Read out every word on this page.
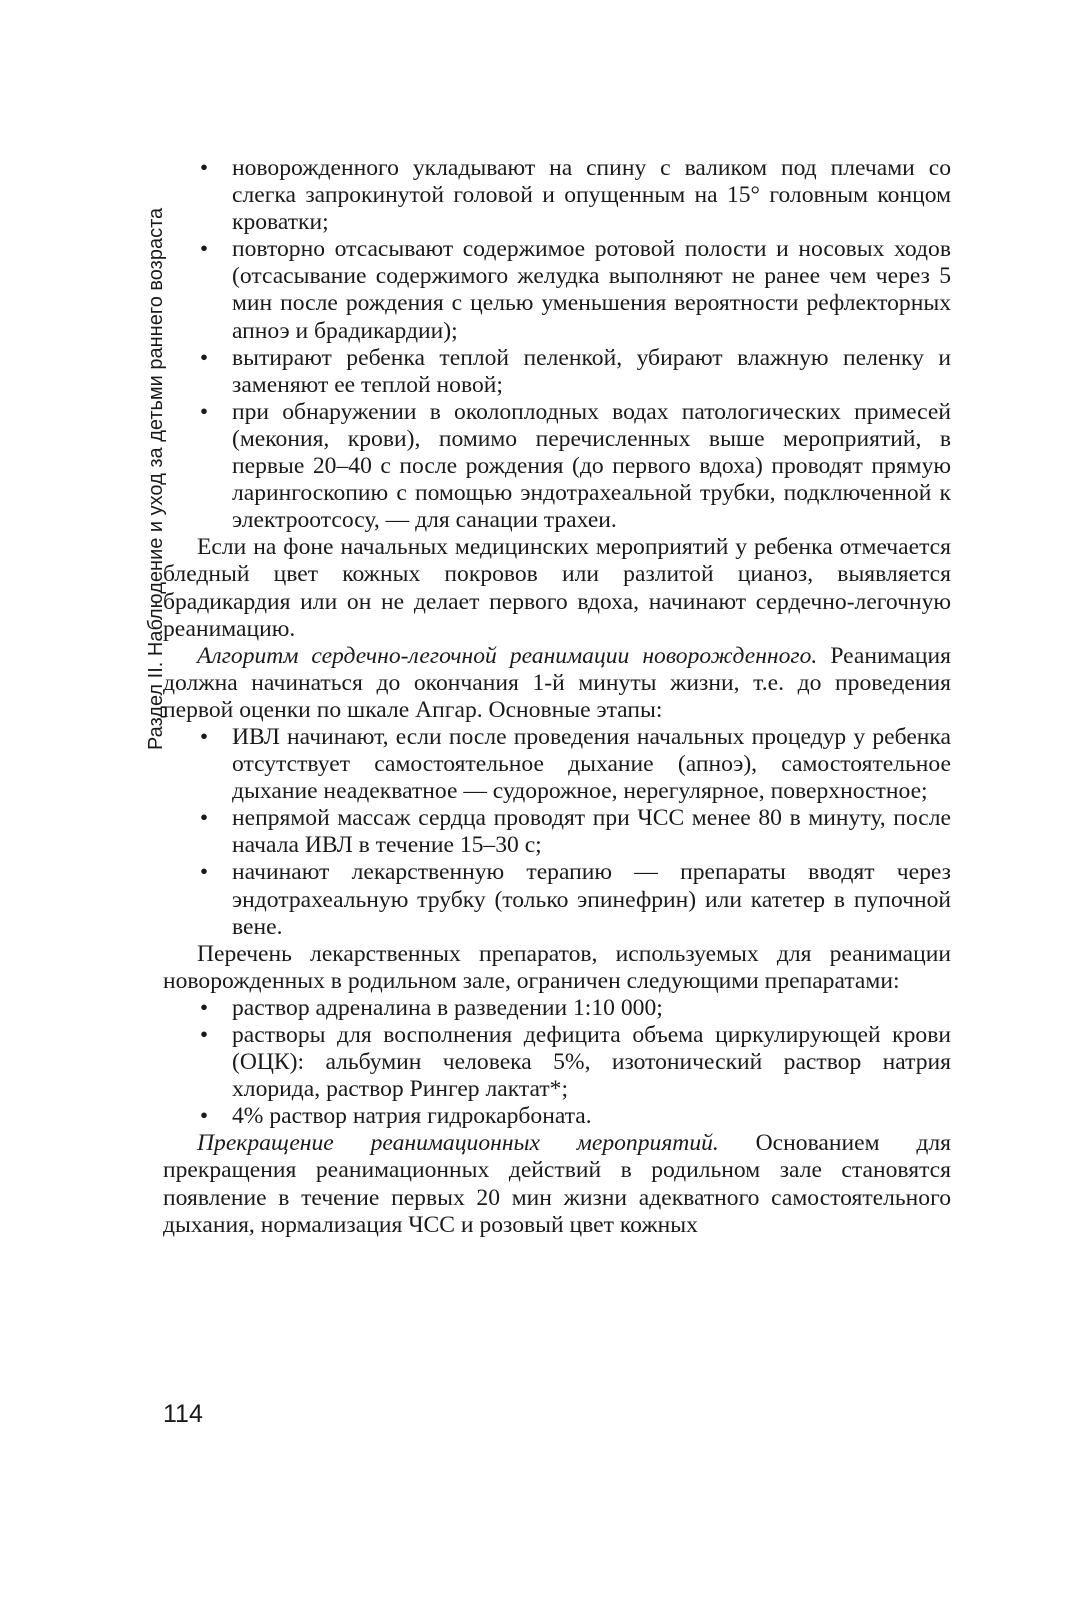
Раздел II. Наблюдение и уход за детьми раннего возраста
• новорожденного укладывают на спину с валиком под плечами со слегка запрокинутой головой и опущенным на 15° головным концом кроватки;
• повторно отсасывают содержимое ротовой полости и носовых ходов (отсасывание содержимого желудка выполняют не ранее чем через 5 мин после рождения с целью уменьшения вероятности рефлекторных апноэ и брадикардии);
• вытирают ребенка теплой пеленкой, убирают влажную пеленку и заменяют ее теплой новой;
• при обнаружении в околоплодных водах патологических примесей (мекония, крови), помимо перечисленных выше мероприятий, в первые 20–40 с после рождения (до первого вдоха) проводят прямую ларингоскопию с помощью эндотрахеальной трубки, подключенной к электроотсосу, — для санации трахеи.

Если на фоне начальных медицинских мероприятий у ребенка отмечается бледный цвет кожных покровов или разлитой цианоз, выявляется брадикардия или он не делает первого вдоха, начинают сердечно-легочную реанимацию.

Алгоритм сердечно-легочной реанимации новорожденного. Реанимация должна начинаться до окончания 1-й минуты жизни, т.е. до проведения первой оценки по шкале Апгар. Основные этапы:

• ИВЛ начинают, если после проведения начальных процедур у ребенка отсутствует самостоятельное дыхание (апноэ), самостоятельное дыхание неадекватное — судорожное, нерегулярное, поверхностное;
• непрямой массаж сердца проводят при ЧСС менее 80 в минуту, после начала ИВЛ в течение 15–30 с;
• начинают лекарственную терапию — препараты вводят через эндотрахеальную трубку (только эпинефрин) или катетер в пупочной вене.

Перечень лекарственных препаратов, используемых для реанимации новорожденных в родильном зале, ограничен следующими препаратами:

• раствор адреналина в разведении 1:10 000;
• растворы для восполнения дефицита объема циркулирующей крови (ОЦК): альбумин человека 5%, изотонический раствор натрия хлорида, раствор Рингер лактат*;
• 4% раствор натрия гидрокарбоната.

Прекращение реанимационных мероприятий. Основанием для прекращения реанимационных действий в родильном зале становятся появление в течение первых 20 мин жизни адекватного самостоятельного дыхания, нормализация ЧСС и розовый цвет кожных

114
